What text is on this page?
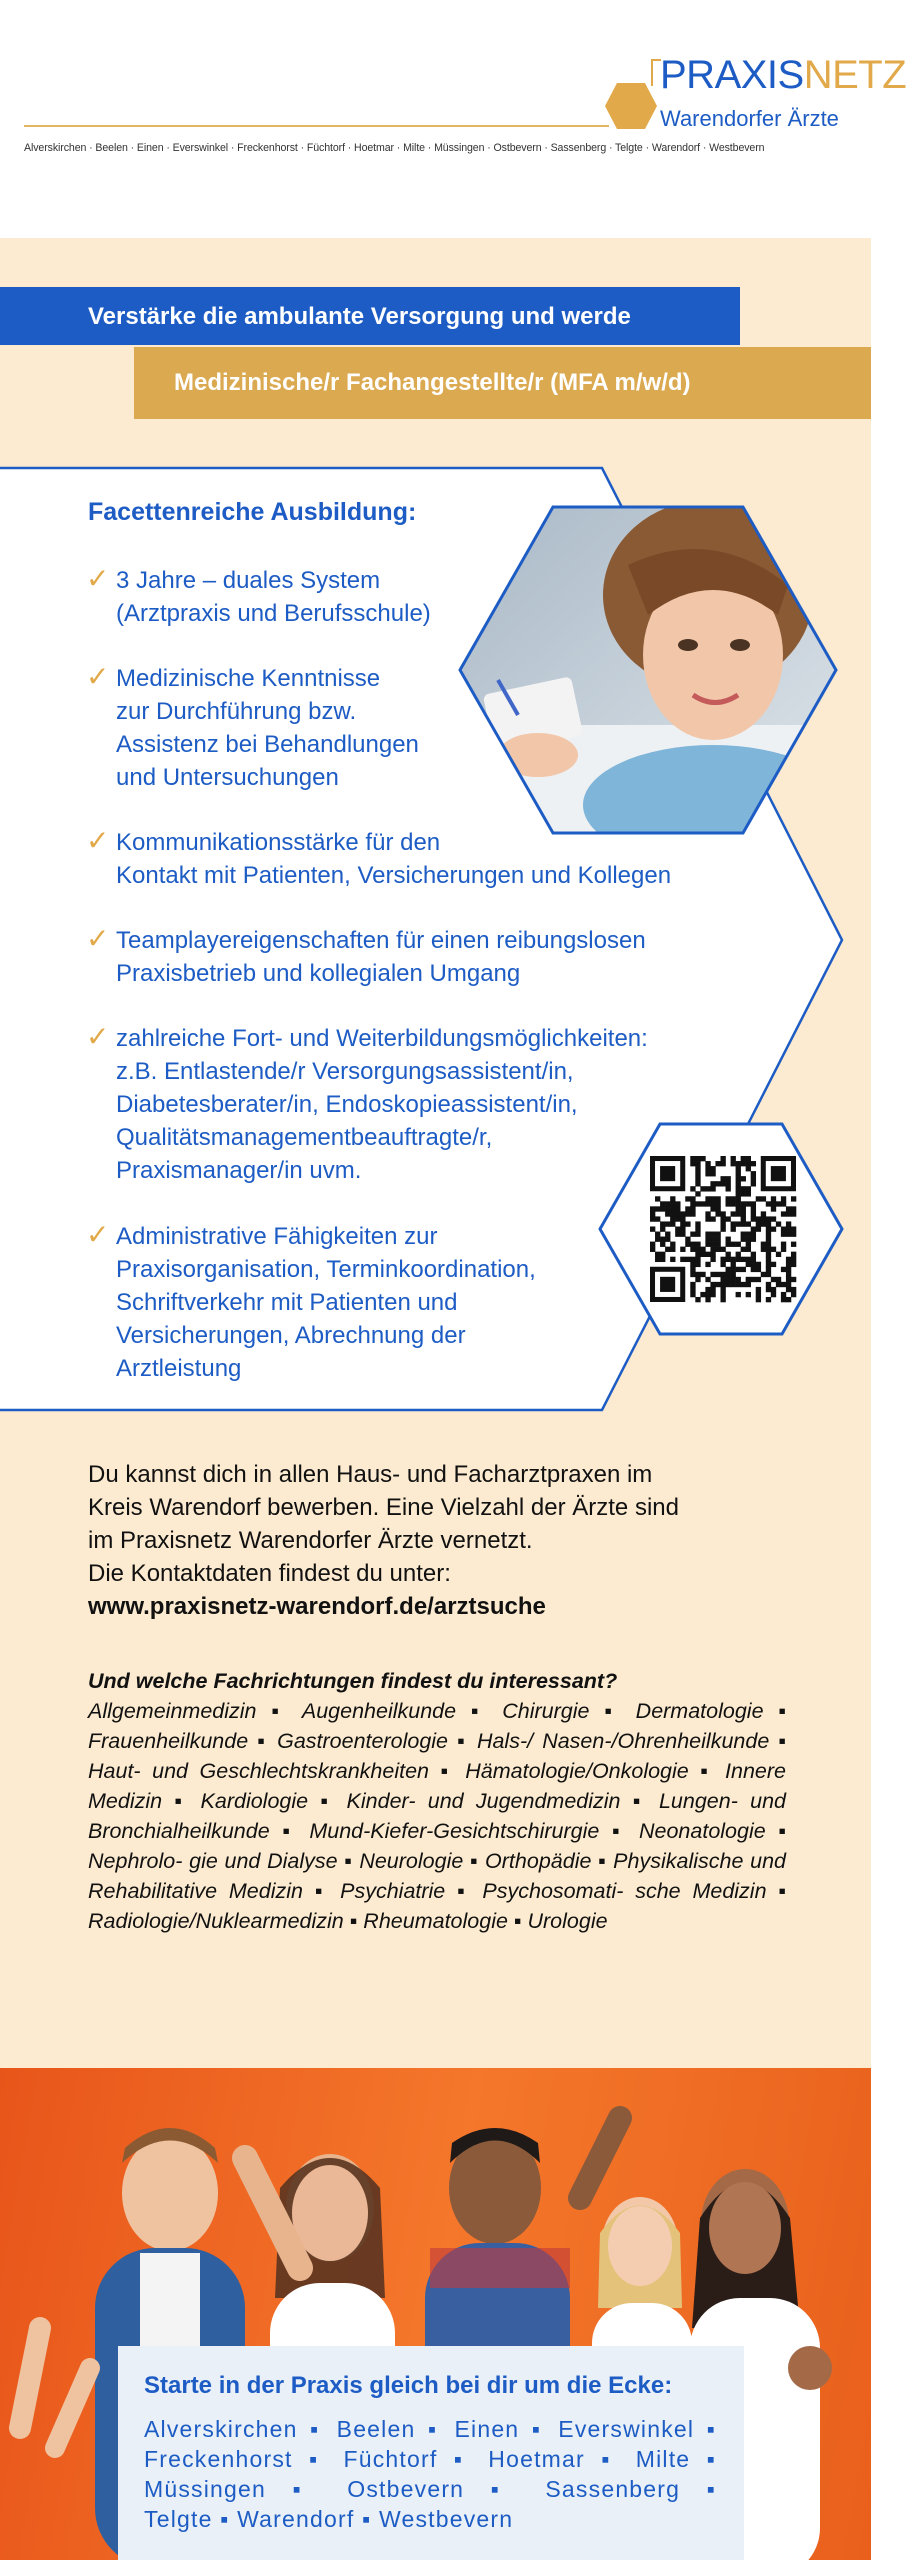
PRAXISNETZ
Warendorfer Ärzte
Alverskirchen · Beelen · Einen · Everswinkel · Freckenhorst · Füchtorf · Hoetmar · Milte · Müssingen · Ostbevern · Sassenberg · Telgte · Warendorf · Westbevern
Verstärke die ambulante Versorgung und werde
Medizinische/r Fachangestellte/r (MFA m/w/d)
Facettenreiche Ausbildung:
✓ 3 Jahre – duales System
(Arztpraxis und Berufsschule)
✓ Medizinische Kenntnisse
zur Durchführung bzw.
Assistenz bei Behandlungen
und Untersuchungen
✓ Kommunikationsstärke für den
Kontakt mit Patienten, Versicherungen und Kollegen
✓ Teamplayereigenschaften für einen reibungslosen
Praxisbetrieb und kollegialen Umgang
✓ zahlreiche Fort- und Weiterbildungsmöglichkeiten:
z.B. Entlastende/r Versorgungsassistent/in,
Diabetesberater/in, Endoskopieassistent/in,
Qualitätsmanagementbeauftragte/r,
Praxismanager/in uvm.
✓ Administrative Fähigkeiten zur
Praxisorganisation, Terminkoordination,
Schriftverkehr mit Patienten und
Versicherungen, Abrechnung der
Arztleistung
Du kannst dich in allen Haus- und Facharztpraxen im
Kreis Warendorf bewerben. Eine Vielzahl der Ärzte sind
im Praxisnetz Warendorfer Ärzte vernetzt.
Die Kontaktdaten findest du unter:
www.praxisnetz-warendorf.de/arztsuche
Und welche Fachrichtungen findest du interessant?
Allgemeinmedizin ▪ Augenheilkunde ▪ Chirurgie ▪ Dermatologie ▪ Frauenheilkunde ▪ Gastroenterologie ▪ Hals-/ Nasen-/Ohrenheilkunde ▪ Haut- und Geschlechtskrankheiten ▪ Hämatologie/Onkologie ▪ Innere Medizin ▪ Kardiologie ▪ Kinder- und Jugendmedizin ▪ Lungen- und Bronchialheilkunde ▪ Mund-Kiefer-Gesichtschirurgie ▪ Neonatologie ▪ Nephrolo- gie und Dialyse ▪ Neurologie ▪ Orthopädie ▪ Physikalische und Rehabilitative Medizin ▪ Psychiatrie ▪ Psychosomati- sche Medizin ▪ Radiologie/Nuklearmedizin ▪ Rheumatologie ▪ Urologie
Starte in der Praxis gleich bei dir um die Ecke:
Alverskirchen ▪ Beelen ▪ Einen ▪ Everswinkel ▪
Freckenhorst ▪ Füchtorf ▪ Hoetmar ▪ Milte ▪
Müssingen ▪ Ostbevern ▪ Sassenberg ▪
Telgte ▪ Warendorf ▪ Westbevern
